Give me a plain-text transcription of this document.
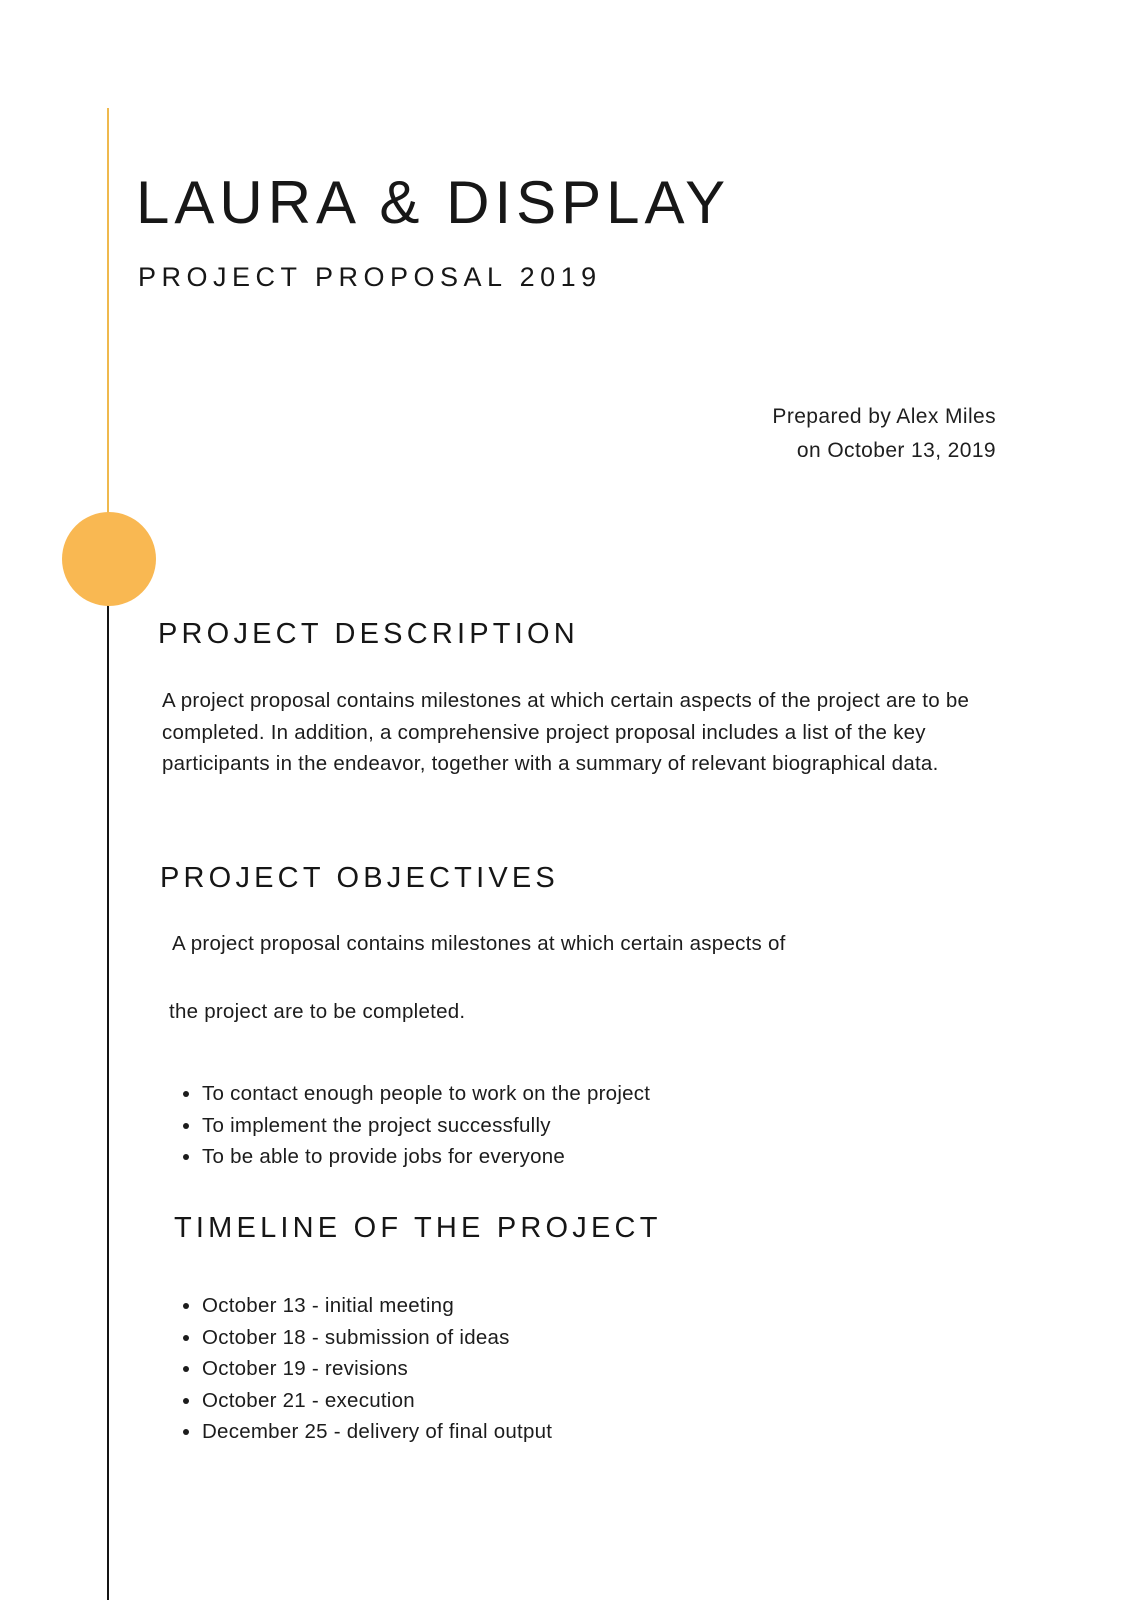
LAURA & DISPLAY
PROJECT PROPOSAL 2019
Prepared by Alex Miles
on October 13, 2019
PROJECT DESCRIPTION
A project proposal contains milestones at which certain aspects of the project are to be completed. In addition, a comprehensive project proposal includes a list of the key participants in the endeavor, together with a summary of relevant biographical data.
PROJECT OBJECTIVES
A project proposal contains milestones at which certain aspects of
the project are to be completed.
• To contact enough people to work on the project
• To implement the project successfully
• To be able to provide jobs for everyone
TIMELINE OF THE PROJECT
• October 13 - initial meeting
• October 18 - submission of ideas
• October 19 - revisions
• October 21 - execution
• December 25 - delivery of final output
